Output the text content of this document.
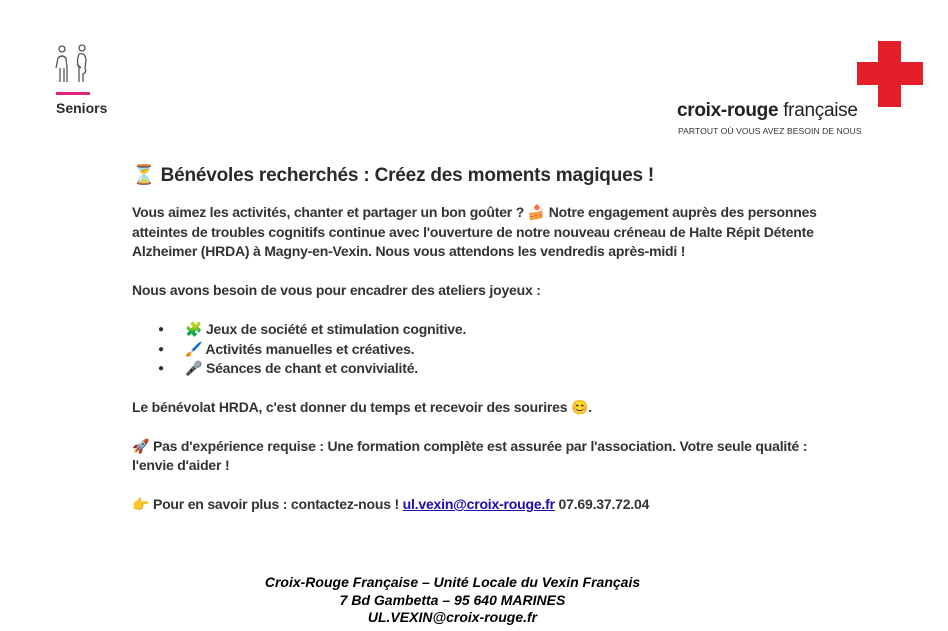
Seniors	croix-rouge française
PARTOUT OÙ VOUS AVEZ BESOIN DE NOUS
⏳ Bénévoles recherchés : Créez des moments magiques !

Vous aimez les activités, chanter et partager un bon goûter ? 🍰 Notre engagement auprès des personnes atteintes de troubles cognitifs continue avec l'ouverture de notre nouveau créneau de Halte Répit Détente Alzheimer (HRDA) à Magny-en-Vexin. Nous vous attendons les vendredis après-midi !

Nous avons besoin de vous pour encadrer des ateliers joyeux :

● 🧩 Jeux de société et stimulation cognitive.
● 🖌️ Activités manuelles et créatives.
● 🎤 Séances de chant et convivialité.

Le bénévolat HRDA, c'est donner du temps et recevoir des sourires 😊.

🚀 Pas d'expérience requise : Une formation complète est assurée par l'association. Votre seule qualité : l'envie d'aider !

👉 Pour en savoir plus : contactez-nous ! ul.vexin@croix-rouge.fr 07.69.37.72.04

Croix-Rouge Française – Unité Locale du Vexin Français
7 Bd Gambetta – 95 640 MARINES
UL.VEXIN@croix-rouge.fr
